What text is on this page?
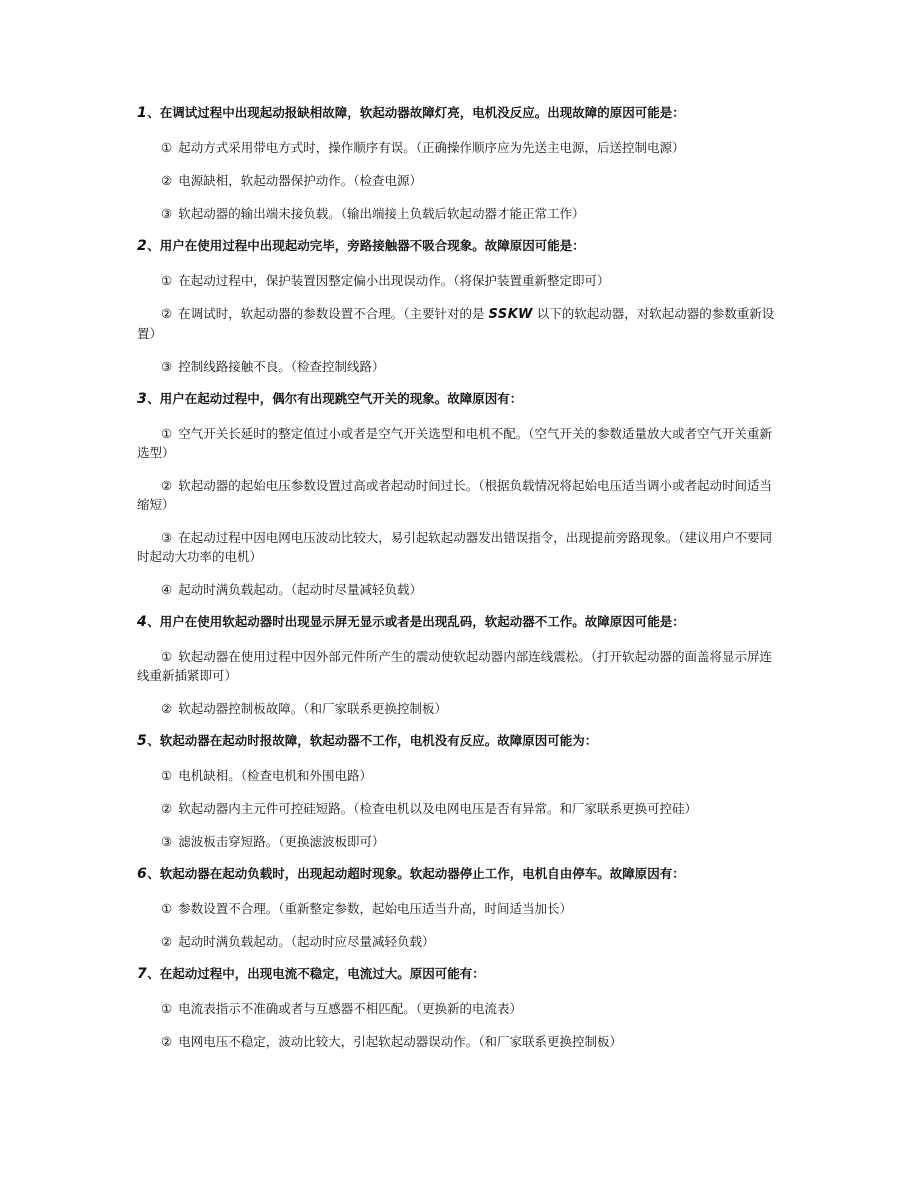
1、在调试过程中出现起动报缺相故障，软起动器故障灯亮，电机没反应。出现故障的原因可能是：
① 起动方式采用带电方式时，操作顺序有误。（正确操作顺序应为先送主电源，后送控制电源）
② 电源缺相，软起动器保护动作。（检查电源）
③ 软起动器的输出端未接负载。（输出端接上负载后软起动器才能正常工作）
2、用户在使用过程中出现起动完毕，旁路接触器不吸合现象。故障原因可能是：
① 在起动过程中，保护装置因整定偏小出现误动作。（将保护装置重新整定即可）
② 在调试时，软起动器的参数设置不合理。（主要针对的是 SSKW 以下的软起动器，对软起动器的参数重新设置）
③ 控制线路接触不良。（检查控制线路）
3、用户在起动过程中，偶尔有出现跳空气开关的现象。故障原因有：
① 空气开关长延时的整定值过小或者是空气开关选型和电机不配。（空气开关的参数适量放大或者空气开关重新选型）
② 软起动器的起始电压参数设置过高或者起动时间过长。（根据负载情况将起始电压适当调小或者起动时间适当缩短）
③ 在起动过程中因电网电压波动比较大，易引起软起动器发出错误指令，出现提前旁路现象。（建议用户不要同时起动大功率的电机）
④ 起动时满负载起动。（起动时尽量减轻负载）
4、用户在使用软起动器时出现显示屏无显示或者是出现乱码，软起动器不工作。故障原因可能是：
① 软起动器在使用过程中因外部元件所产生的震动使软起动器内部连线震松。（打开软起动器的面盖将显示屏连线重新插紧即可）
② 软起动器控制板故障。（和厂家联系更换控制板）
5、软起动器在起动时报故障，软起动器不工作，电机没有反应。故障原因可能为：
① 电机缺相。（检查电机和外围电路）
② 软起动器内主元件可控硅短路。（检查电机以及电网电压是否有异常。和厂家联系更换可控硅）
③ 滤波板击穿短路。（更换滤波板即可）
6、软起动器在起动负载时，出现起动超时现象。软起动器停止工作，电机自由停车。故障原因有：
① 参数设置不合理。（重新整定参数，起始电压适当升高，时间适当加长）
② 起动时满负载起动。（起动时应尽量减轻负载）
7、在起动过程中，出现电流不稳定，电流过大。原因可能有：
① 电流表指示不准确或者与互感器不相匹配。（更换新的电流表）
② 电网电压不稳定，波动比较大，引起软起动器误动作。（和厂家联系更换控制板）
